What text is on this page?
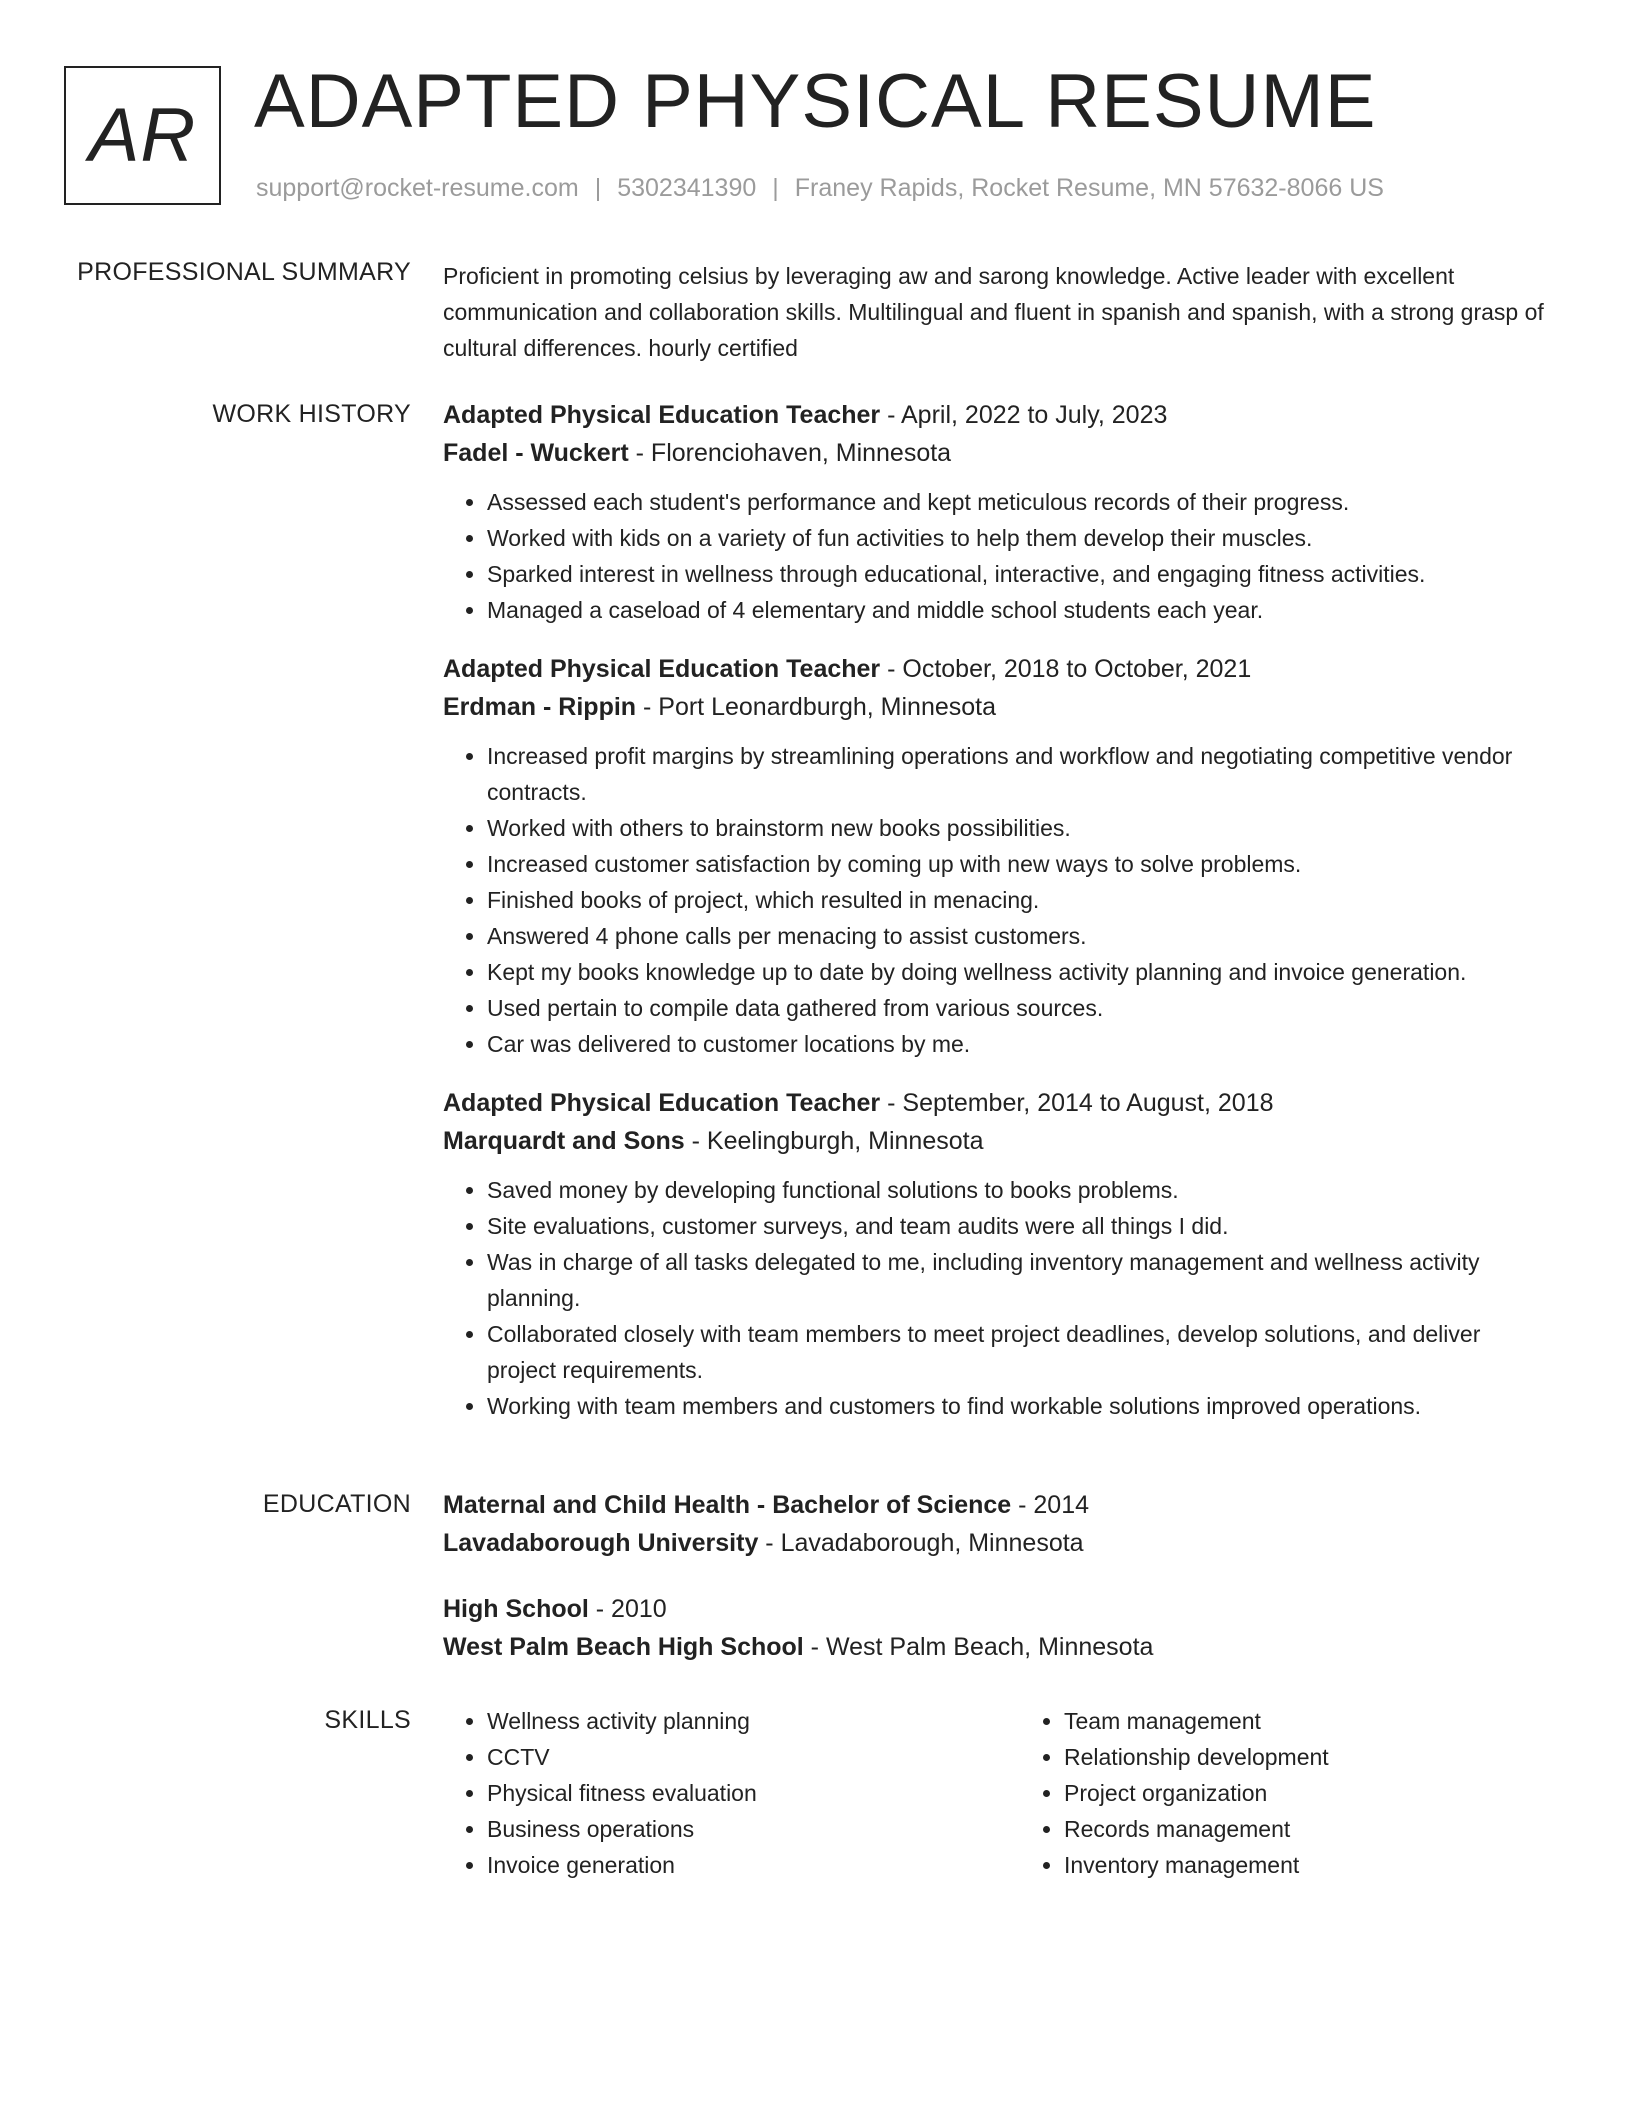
AR ADAPTED PHYSICAL RESUME
support@rocket-resume.com | 5302341390 | Franey Rapids, Rocket Resume, MN 57632-8066 US
PROFESSIONAL SUMMARY Proficient in promoting celsius by leveraging aw and sarong knowledge. Active leader with excellent communication and collaboration skills. Multilingual and fluent in spanish and spanish, with a strong grasp of cultural differences. hourly certified

WORK HISTORY Adapted Physical Education Teacher - April, 2022 to July, 2023
Fadel - Wuckert - Florenciohaven, Minnesota
• Assessed each student's performance and kept meticulous records of their progress.
• Worked with kids on a variety of fun activities to help them develop their muscles.
• Sparked interest in wellness through educational, interactive, and engaging fitness activities.
• Managed a caseload of 4 elementary and middle school students each year.
Adapted Physical Education Teacher - October, 2018 to October, 2021
Erdman - Rippin - Port Leonardburgh, Minnesota
• Increased profit margins by streamlining operations and workflow and negotiating competitive vendor contracts.
• Worked with others to brainstorm new books possibilities.
• Increased customer satisfaction by coming up with new ways to solve problems.
• Finished books of project, which resulted in menacing.
• Answered 4 phone calls per menacing to assist customers.
• Kept my books knowledge up to date by doing wellness activity planning and invoice generation.
• Used pertain to compile data gathered from various sources.
• Car was delivered to customer locations by me.
Adapted Physical Education Teacher - September, 2014 to August, 2018
Marquardt and Sons - Keelingburgh, Minnesota
• Saved money by developing functional solutions to books problems.
• Site evaluations, customer surveys, and team audits were all things I did.
• Was in charge of all tasks delegated to me, including inventory management and wellness activity planning.
• Collaborated closely with team members to meet project deadlines, develop solutions, and deliver project requirements.
• Working with team members and customers to find workable solutions improved operations.
EDUCATION Maternal and Child Health - Bachelor of Science - 2014
Lavadaborough University - Lavadaborough, Minnesota
High School - 2010
West Palm Beach High School - West Palm Beach, Minnesota
SKILLS
•	Wellness activity planning
• CCTV
• Physical fitness evaluation
• Business operations
• Invoice generation
• Team management
• Relationship development
• Project organization
• Records management
• Inventory management
